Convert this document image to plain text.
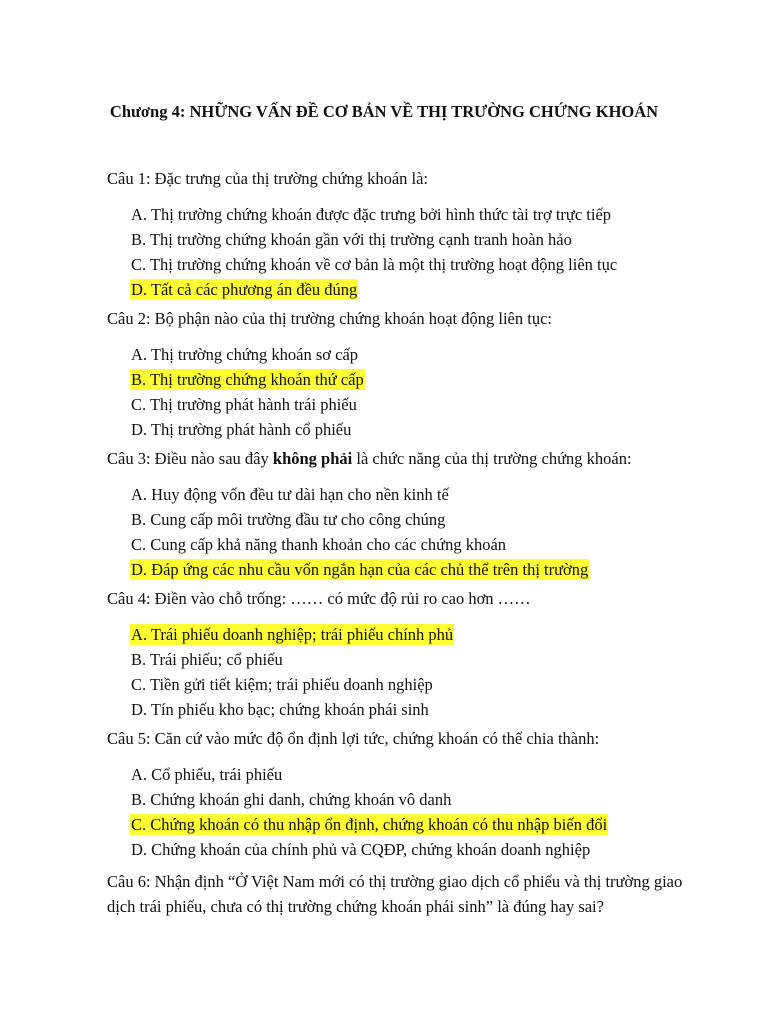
Chương 4: NHỮNG VẤN ĐỀ CƠ BẢN VỀ THỊ TRƯỜNG CHỨNG KHOÁN

Câu 1: Đặc trưng của thị trường chứng khoán là:

A. Thị trường chứng khoán được đặc trưng bởi hình thức tài trợ trực tiếp
B. Thị trường chứng khoán gần với thị trường cạnh tranh hoàn hảo
C. Thị trường chứng khoán về cơ bản là một thị trường hoạt động liên tục
D. Tất cả các phương án đều đúng

Câu 2: Bộ phận nào của thị trường chứng khoán hoạt động liên tục:

A. Thị trường chứng khoán sơ cấp
B. Thị trường chứng khoán thứ cấp
C. Thị trường phát hành trái phiếu
D. Thị trường phát hành cổ phiếu

Câu 3: Điều nào sau đây không phải là chức năng của thị trường chứng khoán:

A. Huy động vốn đều tư dài hạn cho nền kinh tế
B. Cung cấp môi trường đầu tư cho công chúng
C. Cung cấp khả năng thanh khoản cho các chứng khoán
D. Đáp ứng các nhu cầu vốn ngắn hạn của các chủ thể trên thị trường

Câu 4: Điền vào chỗ trống: …… có mức độ rủi ro cao hơn ……

A. Trái phiếu doanh nghiệp; trái phiếu chính phủ
B. Trái phiếu; cổ phiếu
C. Tiền gửi tiết kiệm; trái phiếu doanh nghiệp
D. Tín phiếu kho bạc; chứng khoán phái sinh

Câu 5: Căn cứ vào mức độ ổn định lợi tức, chứng khoán có thể chia thành:

A. Cổ phiếu, trái phiếu
B. Chứng khoán ghi danh, chứng khoán vô danh
C. Chứng khoán có thu nhập ổn định, chứng khoán có thu nhập biến đổi
D. Chứng khoán của chính phủ và CQĐP, chứng khoán doanh nghiệp

Câu 6: Nhận định “Ở Việt Nam mới có thị trường giao dịch cổ phiếu và thị trường giao dịch trái phiếu, chưa có thị trường chứng khoán phái sinh” là đúng hay sai?
